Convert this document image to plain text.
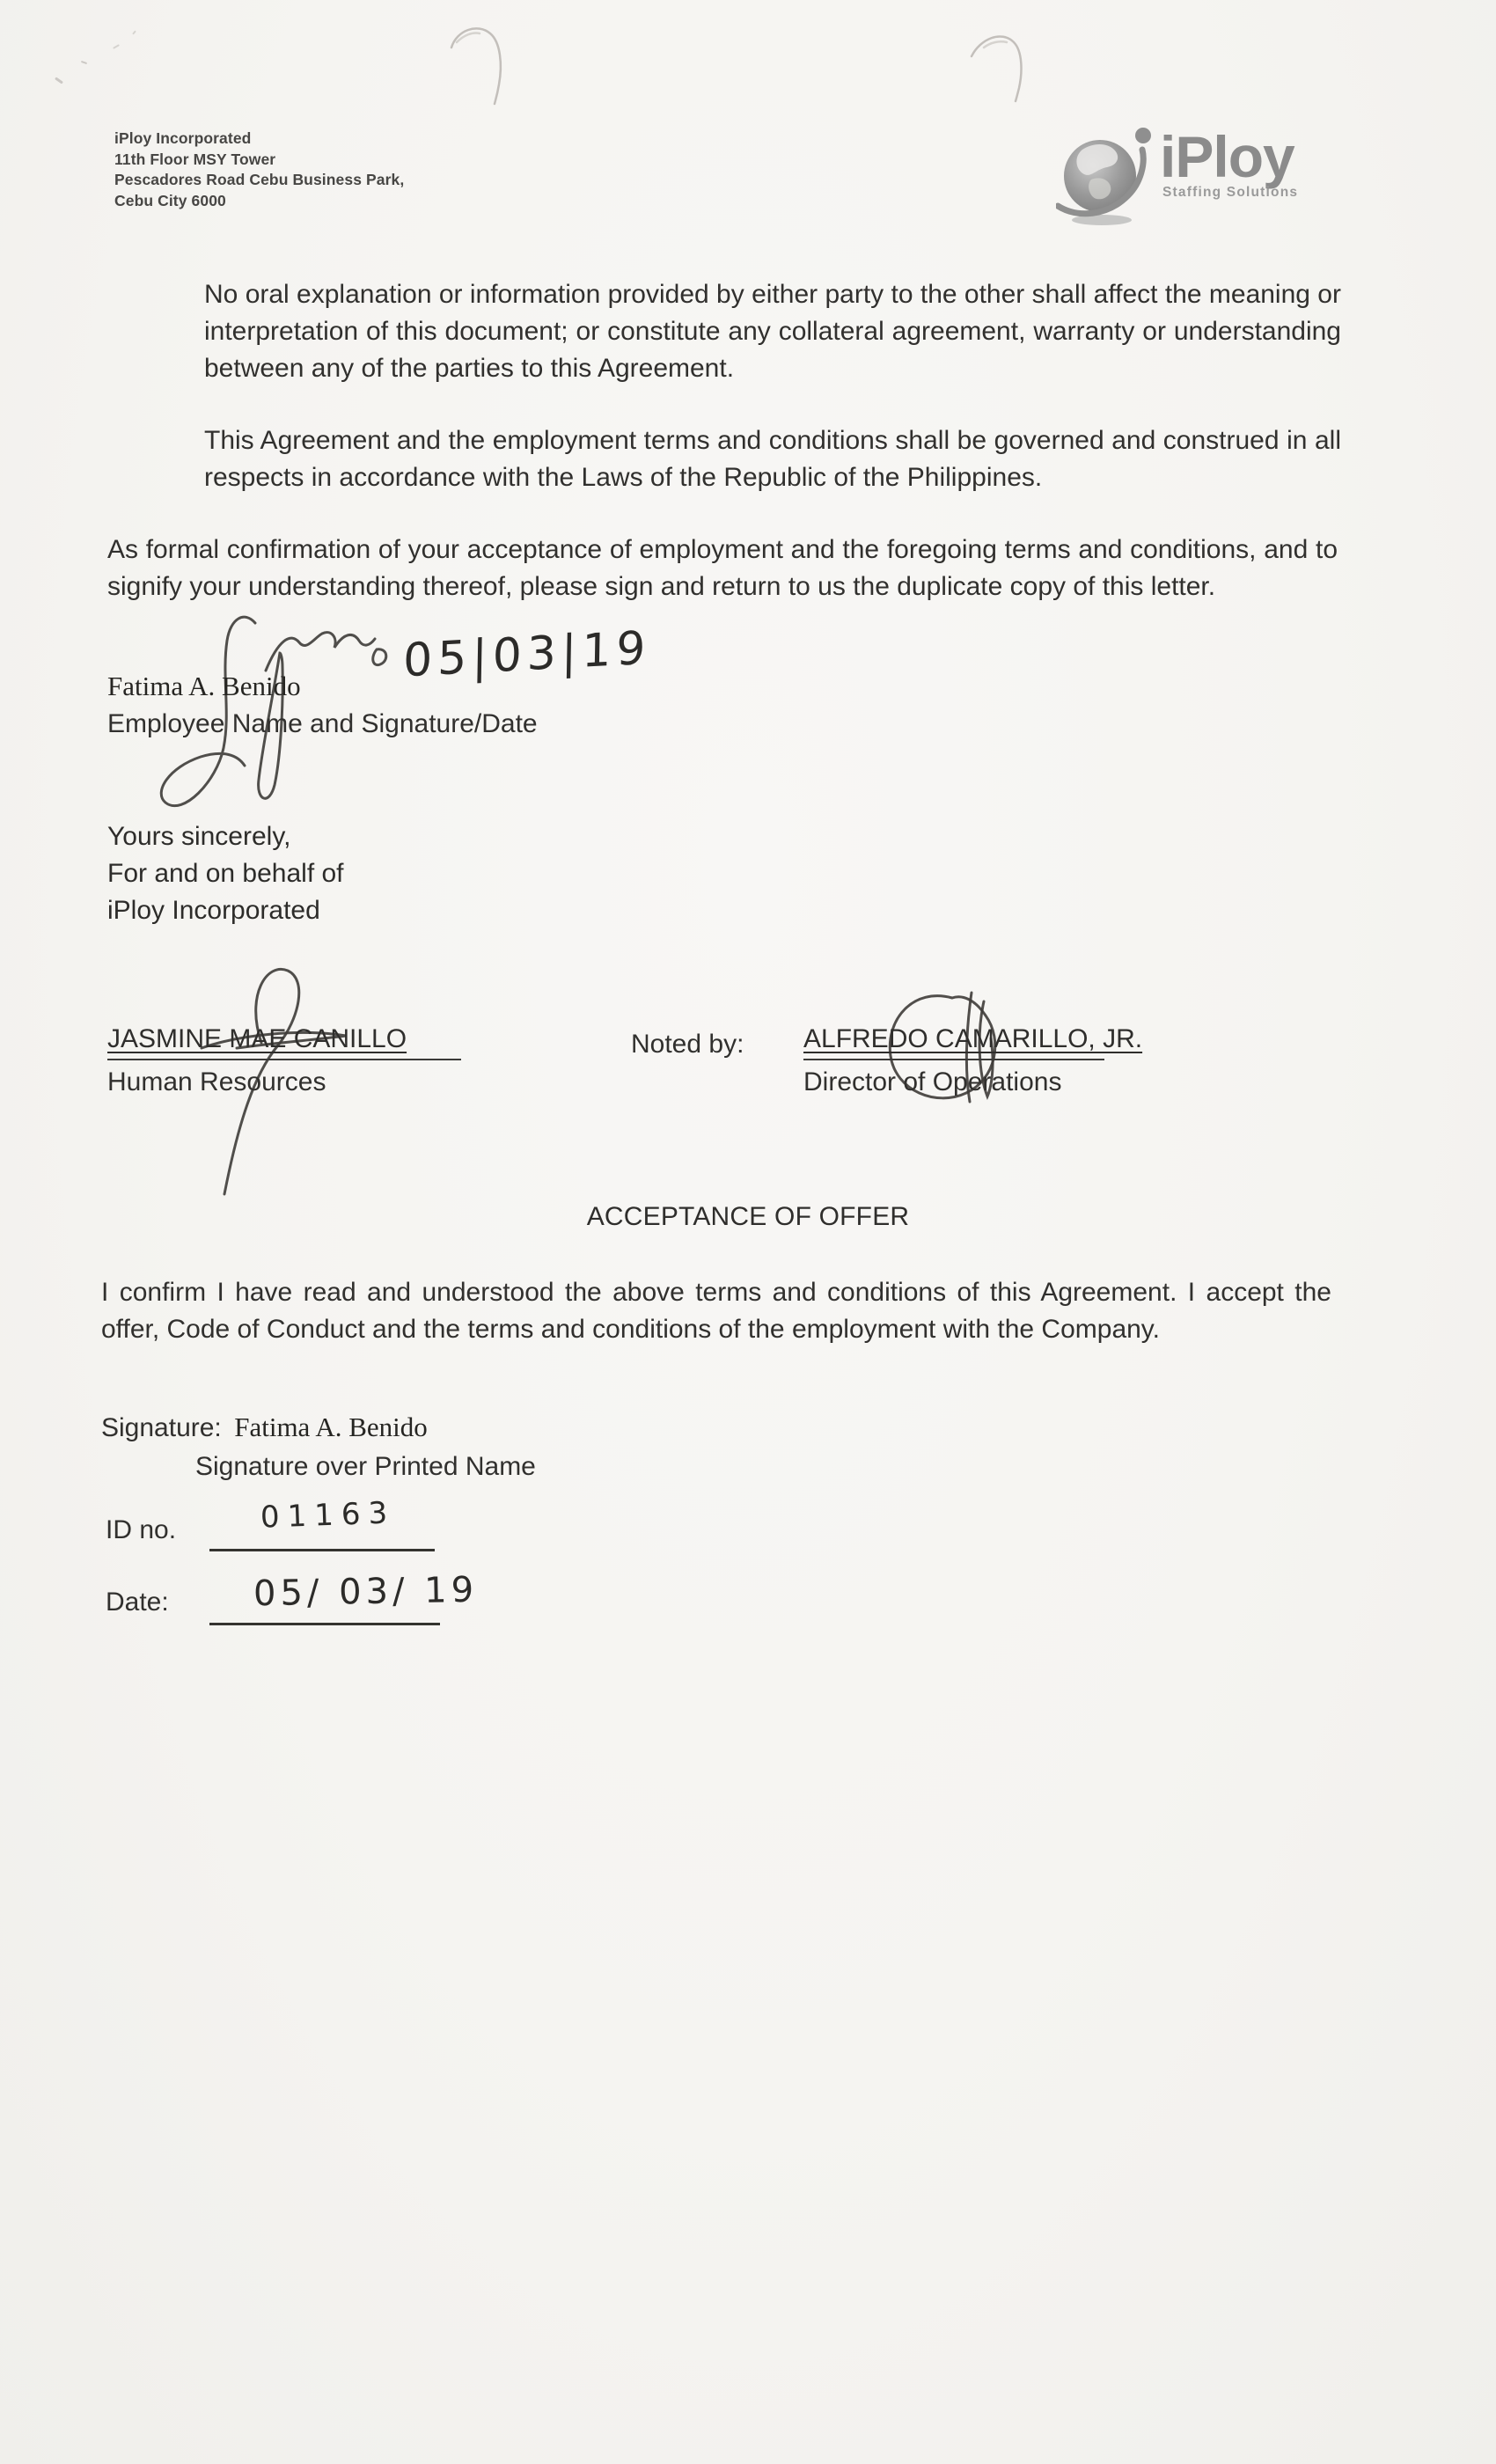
iPloy Incorporated
11th Floor MSY Tower
Pescadores Road Cebu Business Park,
Cebu City 6000
iPloy
Staffing Solutions
No oral explanation or information provided by either party to the other shall affect the meaning or interpretation of this document; or constitute any collateral agreement, warranty or understanding between any of the parties to this Agreement.
This Agreement and the employment terms and conditions shall be governed and construed in all respects in accordance with the Laws of the Republic of the Philippines.
As formal confirmation of your acceptance of employment and the foregoing terms and conditions, and to signify your understanding thereof, please sign and return to us the duplicate copy of this letter.
05|03|19
Fatima A. Benido
Employee Name and Signature/Date
Yours sincerely,
For and on behalf of
iPloy Incorporated
JASMINE MAE CANILLO
Human Resources
Noted by: ALFREDO CAMARILLO, JR.
Director of Operations
ACCEPTANCE OF OFFER
I confirm I have read and understood the above terms and conditions of this Agreement. I accept the offer, Code of Conduct and the terms and conditions of the employment with the Company.
Signature: Fatima A. Benido
Signature over Printed Name
ID no.	01163
Date: 05/ 03/ 19
